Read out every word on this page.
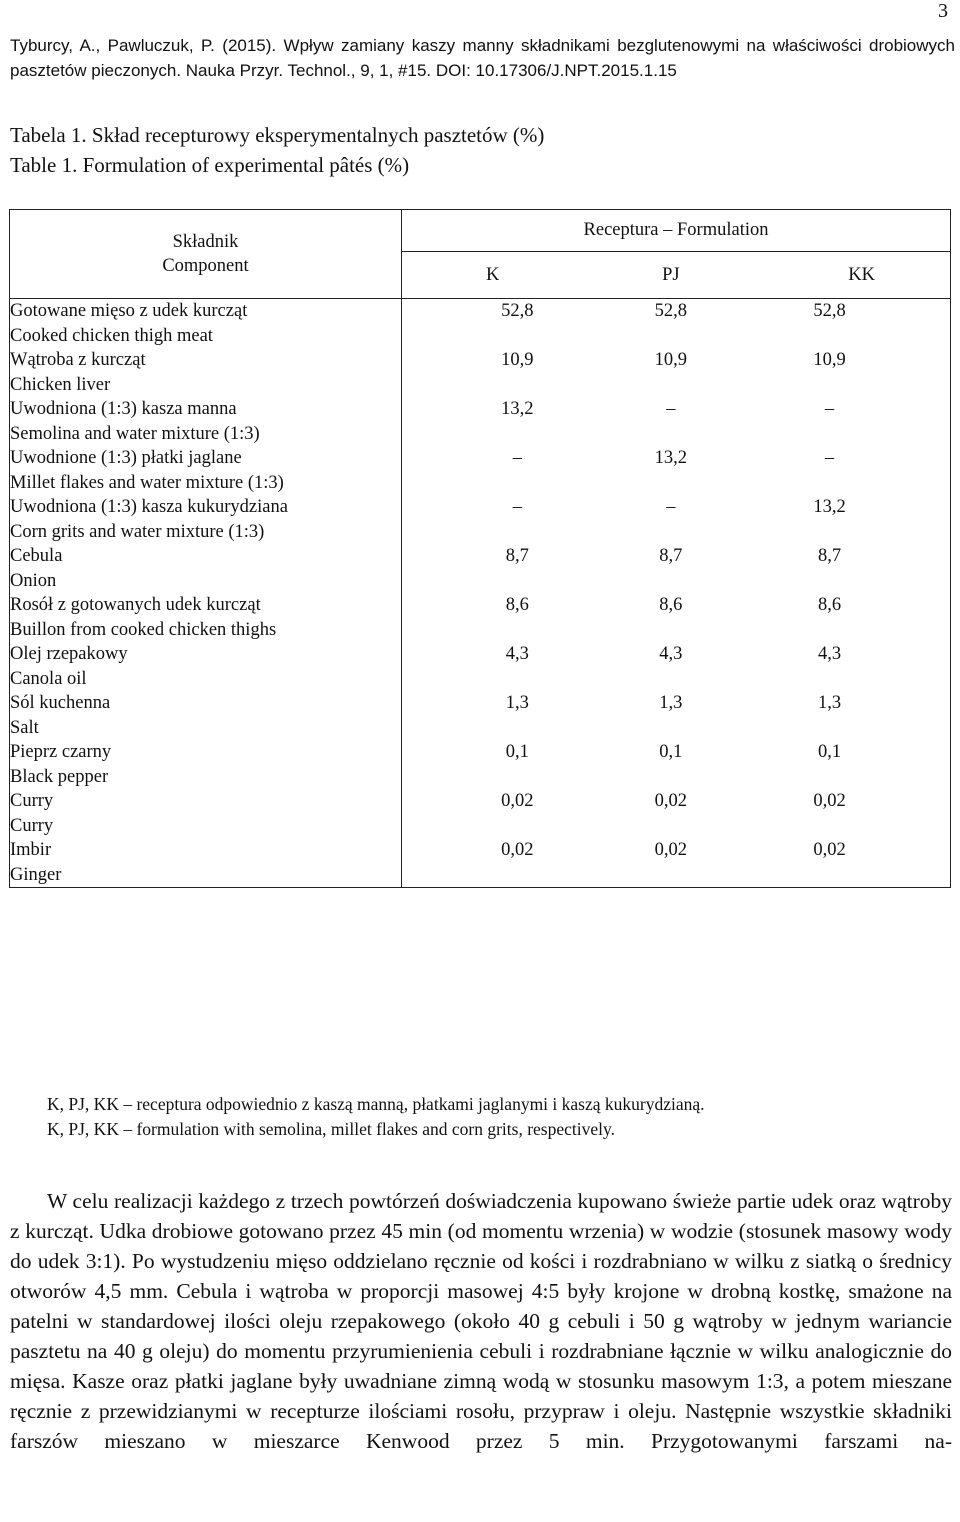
3
Tyburcy, A., Pawluczuk, P. (2015). Wpływ zamiany kaszy manny składnikami bezglutenowymi na właściwości drobiowych pasztetów pieczonych. Nauka Przyr. Technol., 9, 1, #15. DOI: 10.17306/J.NPT.2015.1.15
Tabela 1. Skład recepturowy eksperymentalnych pasztetów (%)
Table 1. Formulation of experimental pâtés (%)
Składnik
Component	Receptura – Formulation		
	K	PJ	KK

Gotowane mięso z udek kurcząt
Cooked chicken thigh meat	52,8	52,8	52,8

Wątroba z kurcząt
Chicken liver	10,9	10,9	10,9

Uwodniona (1:3) kasza manna
Semolina and water mixture (1:3)	13,2	–	–

Uwodnione (1:3) płatki jaglane
Millet flakes and water mixture (1:3)	–	13,2	–

Uwodniona (1:3) kasza kukurydziana
Corn grits and water mixture (1:3)	–	–	13,2

Cebula
Onion	8,7	8,7	8,7

Rosół z gotowanych udek kurcząt
Buillon from cooked chicken thighs	8,6	8,6	8,6

Olej rzepakowy
Canola oil	4,3	4,3	4,3

Sól kuchenna
Salt	1,3	1,3	1,3

Pieprz czarny
Black pepper	0,1	0,1	0,1

Curry
Curry	0,02	0,02	0,02

Imbir
Ginger	0,02	0,02	0,02
K, PJ, KK – receptura odpowiednio z kaszą manną, płatkami jaglanymi i kaszą kukurydzianą.
K, PJ, KK – formulation with semolina, millet flakes and corn grits, respectively.
W celu realizacji każdego z trzech powtórzeń doświadczenia kupowano świeże partie udek oraz wątroby z kurcząt. Udka drobiowe gotowano przez 45 min (od momentu wrzenia) w wodzie (stosunek masowy wody do udek 3:1). Po wystudzeniu mięso oddzielano ręcznie od kości i rozdrabniano w wilku z siatką o średnicy otworów 4,5 mm. Cebula i wątroba w proporcji masowej 4:5 były krojone w drobną kostkę, smażone na patelni w standardowej ilości oleju rzepakowego (około 40 g cebuli i 50 g wątroby w jednym wariancie pasztetu na 40 g oleju) do momentu przyrumienienia cebuli i rozdrabniane łącznie w wilku analogicznie do mięsa. Kasze oraz płatki jaglane były uwadniane zimną wodą w stosunku masowym 1:3, a potem mieszane ręcznie z przewidzianymi w recepturze ilościami rosołu, przypraw i oleju. Następnie wszystkie składniki farszów mieszano w mieszarce Kenwood przez 5 min. Przygotowanymi farszami na-
